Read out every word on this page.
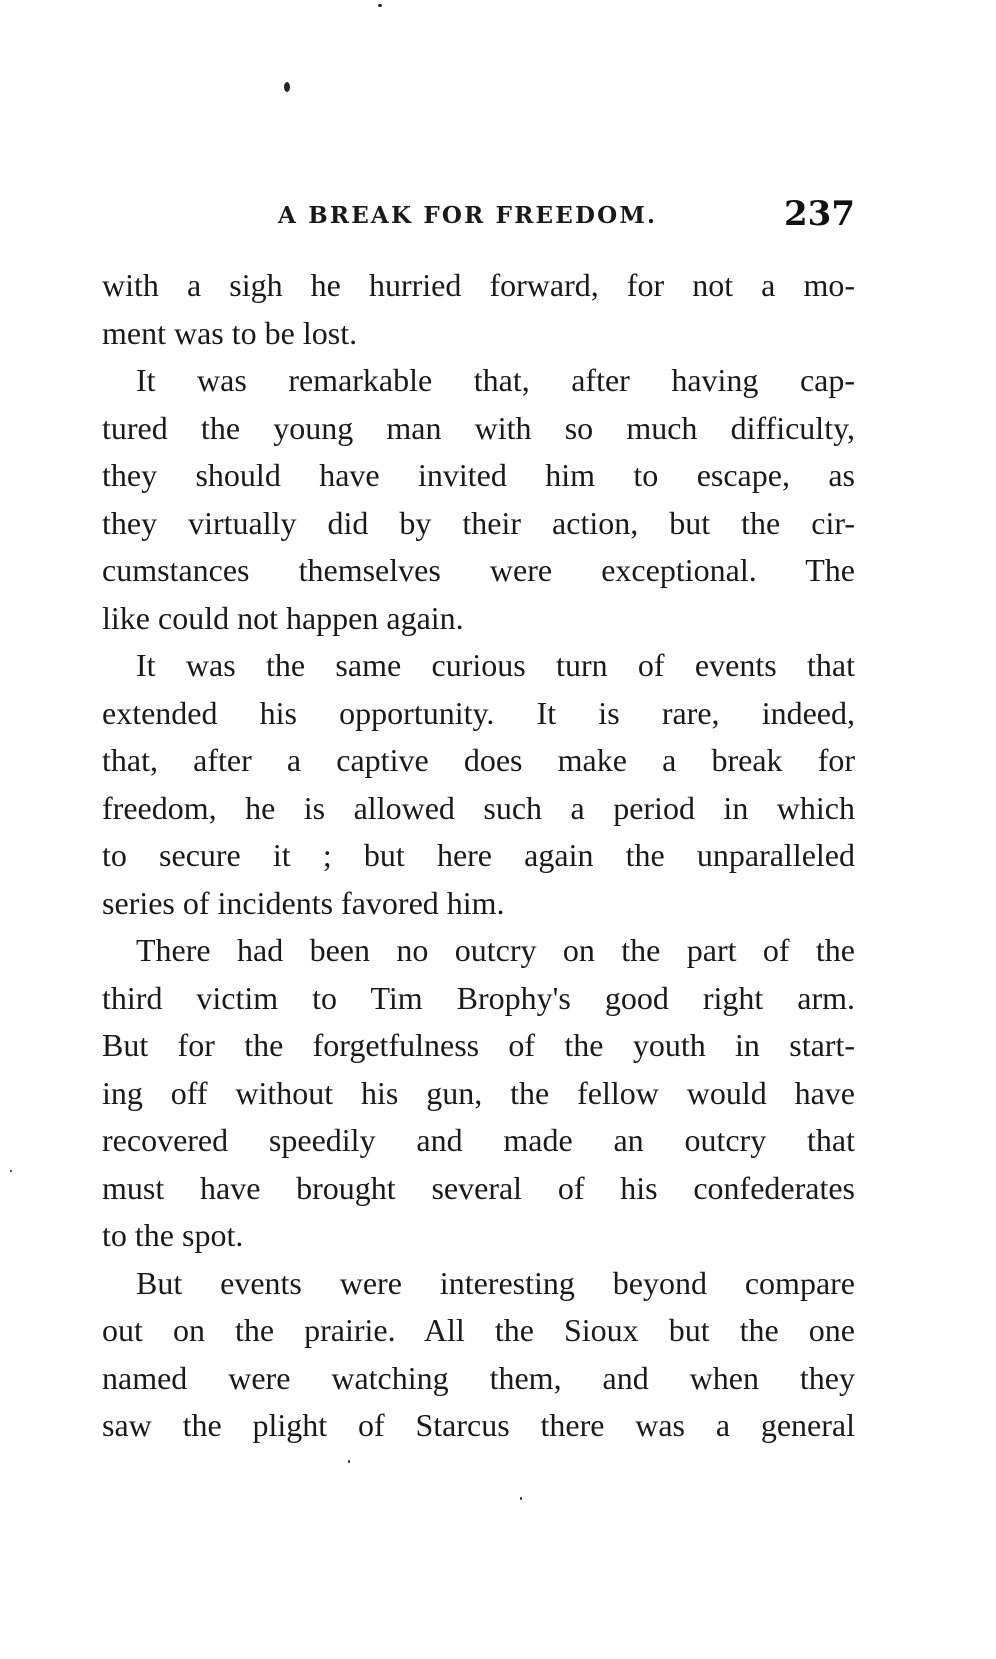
A BREAK FOR FREEDOM.	237
with a sigh he hurried forward, for not a mo-
ment was to be lost.
It was remarkable that, after having cap-
tured the young man with so much difficulty,
they should have invited him to escape, as
they virtually did by their action, but the cir-
cumstances themselves were exceptional. The
like could not happen again.
It was the same curious turn of events that
extended his opportunity. It is rare, indeed,
that, after a captive does make a break for
freedom, he is allowed such a period in which
to secure it ; but here again the unparalleled
series of incidents favored him.
There had been no outcry on the part of the
third victim to Tim Brophy's good right arm.
But for the forgetfulness of the youth in start-
ing off without his gun, the fellow would have
recovered speedily and made an outcry that
must have brought several of his confederates
to the spot.
But events were interesting beyond compare
out on the prairie. All the Sioux but the one
named were watching them, and when they
saw the plight of Starcus there was a general
